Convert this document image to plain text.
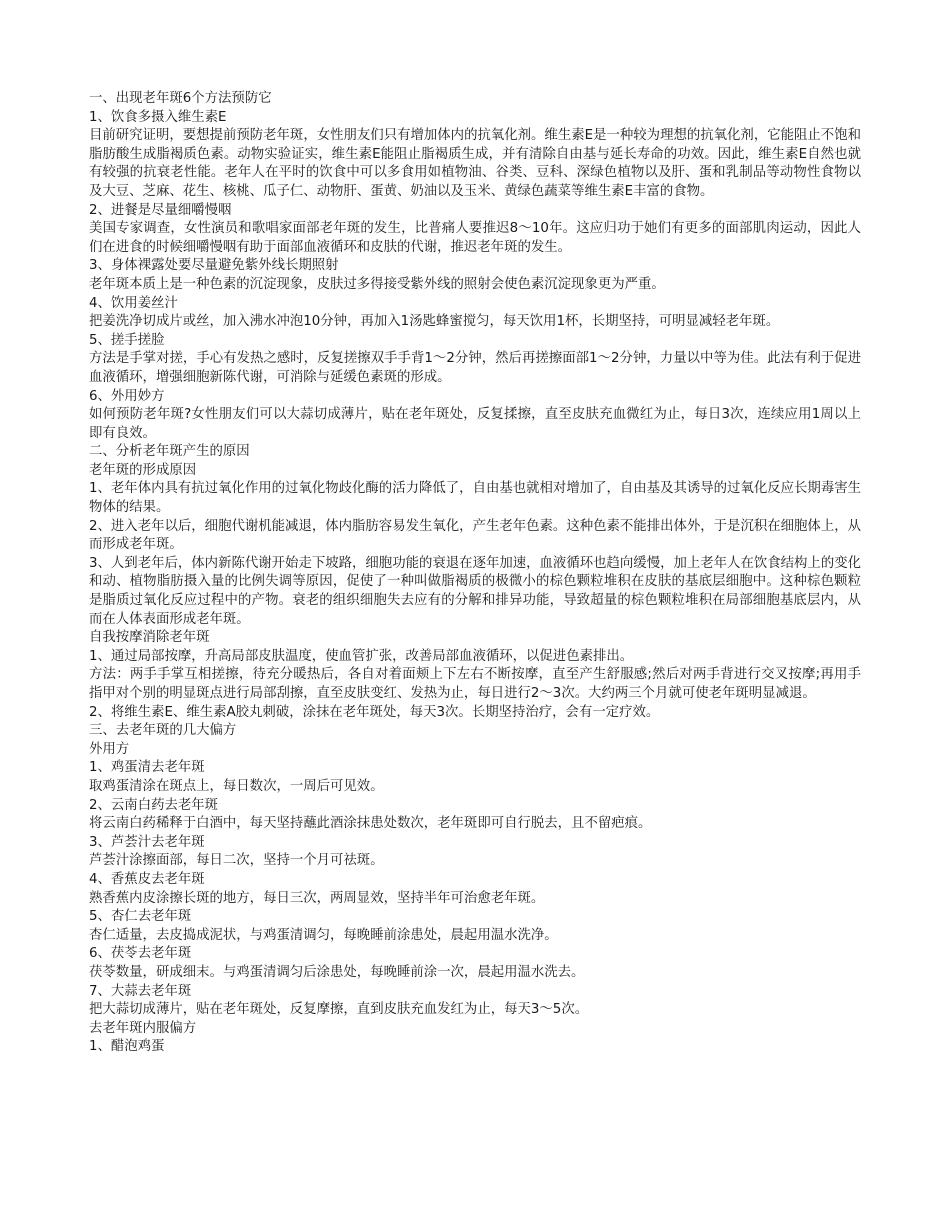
一、出现老年斑6个方法预防它

1、饮食多摄入维生素E

目前研究证明，要想提前预防老年斑，女性朋友们只有增加体内的抗氧化剂。维生素E是一种较为理想的抗氧化剂，它能阻止不饱和脂肪酸生成脂褐质色素。动物实验证实，维生素E能阻止脂褐质生成，并有清除自由基与延长寿命的功效。因此，维生素E自然也就有较强的抗衰老性能。老年人在平时的饮食中可以多食用如植物油、谷类、豆科、深绿色植物以及肝、蛋和乳制品等动物性食物以及大豆、芝麻、花生、核桃、瓜子仁、动物肝、蛋黄、奶油以及玉米、黄绿色蔬菜等维生素E丰富的食物。

2、进餐是尽量细嚼慢咽

美国专家调查，女性演员和歌唱家面部老年斑的发生，比普痛人要推迟8～10年。这应归功于她们有更多的面部肌肉运动，因此人们在进食的时候细嚼慢咽有助于面部血液循环和皮肤的代谢，推迟老年斑的发生。

3、身体裸露处要尽量避免紫外线长期照射

老年斑本质上是一种色素的沉淀现象，皮肤过多得接受紫外线的照射会使色素沉淀现象更为严重。

4、饮用姜丝汁

把姜洗净切成片或丝，加入沸水冲泡10分钟，再加入1汤匙蜂蜜搅匀，每天饮用1杯，长期坚持，可明显减轻老年斑。

5、搓手搓脸

方法是手掌对搓，手心有发热之感时，反复搓擦双手手背1～2分钟，然后再搓擦面部1～2分钟，力量以中等为佳。此法有利于促进血液循环，增强细胞新陈代谢，可消除与延缓色素斑的形成。

6、外用妙方

如何预防老年斑?女性朋友们可以大蒜切成薄片，贴在老年斑处，反复揉擦，直至皮肤充血微红为止，每日3次，连续应用1周以上即有良效。

二、分析老年斑产生的原因

老年斑的形成原因

1、老年体内具有抗过氧化作用的过氧化物歧化酶的活力降低了，自由基也就相对增加了，自由基及其诱导的过氧化反应长期毒害生物体的结果。

2、进入老年以后，细胞代谢机能减退，体内脂肪容易发生氧化，产生老年色素。这种色素不能排出体外，于是沉积在细胞体上，从而形成老年斑。

3、人到老年后，体内新陈代谢开始走下坡路，细胞功能的衰退在逐年加速，血液循环也趋向缓慢，加上老年人在饮食结构上的变化和动、植物脂肪摄入量的比例失调等原因，促使了一种叫做脂褐质的极微小的棕色颗粒堆积在皮肤的基底层细胞中。这种棕色颗粒是脂质过氧化反应过程中的产物。衰老的组织细胞失去应有的分解和排异功能，导致超量的棕色颗粒堆积在局部细胞基底层内，从而在人体表面形成老年斑。

自我按摩消除老年斑

1、通过局部按摩，升高局部皮肤温度，使血管扩张，改善局部血液循环，以促进色素排出。

方法：两手手掌互相搓擦，待充分暖热后，各自对着面颊上下左右不断按摩，直至产生舒服感;然后对两手背进行交叉按摩;再用手指甲对个别的明显斑点进行局部刮擦，直至皮肤变红、发热为止，每日进行2～3次。大约两三个月就可使老年斑明显减退。

2、将维生素E、维生素A胶丸刺破，涂抹在老年斑处，每天3次。长期坚持治疗，会有一定疗效。

三、去老年斑的几大偏方

外用方

1、鸡蛋清去老年斑

取鸡蛋清涂在斑点上，每日数次，一周后可见效。

2、云南白药去老年斑

将云南白药稀释于白酒中，每天坚持蘸此酒涂抹患处数次，老年斑即可自行脱去，且不留疤痕。

3、芦荟汁去老年斑

芦荟汁涂擦面部，每日二次，坚持一个月可祛斑。

4、香蕉皮去老年斑

熟香蕉内皮涂擦长斑的地方，每日三次，两周显效，坚持半年可治愈老年斑。

5、杏仁去老年斑

杏仁适量，去皮捣成泥状，与鸡蛋清调匀，每晚睡前涂患处，晨起用温水洗净。

6、茯苓去老年斑

茯苓数量，研成细末。与鸡蛋清调匀后涂患处，每晚睡前涂一次，晨起用温水洗去。

7、大蒜去老年斑

把大蒜切成薄片，贴在老年斑处，反复摩擦，直到皮肤充血发红为止，每天3～5次。

去老年斑内服偏方

1、醋泡鸡蛋
